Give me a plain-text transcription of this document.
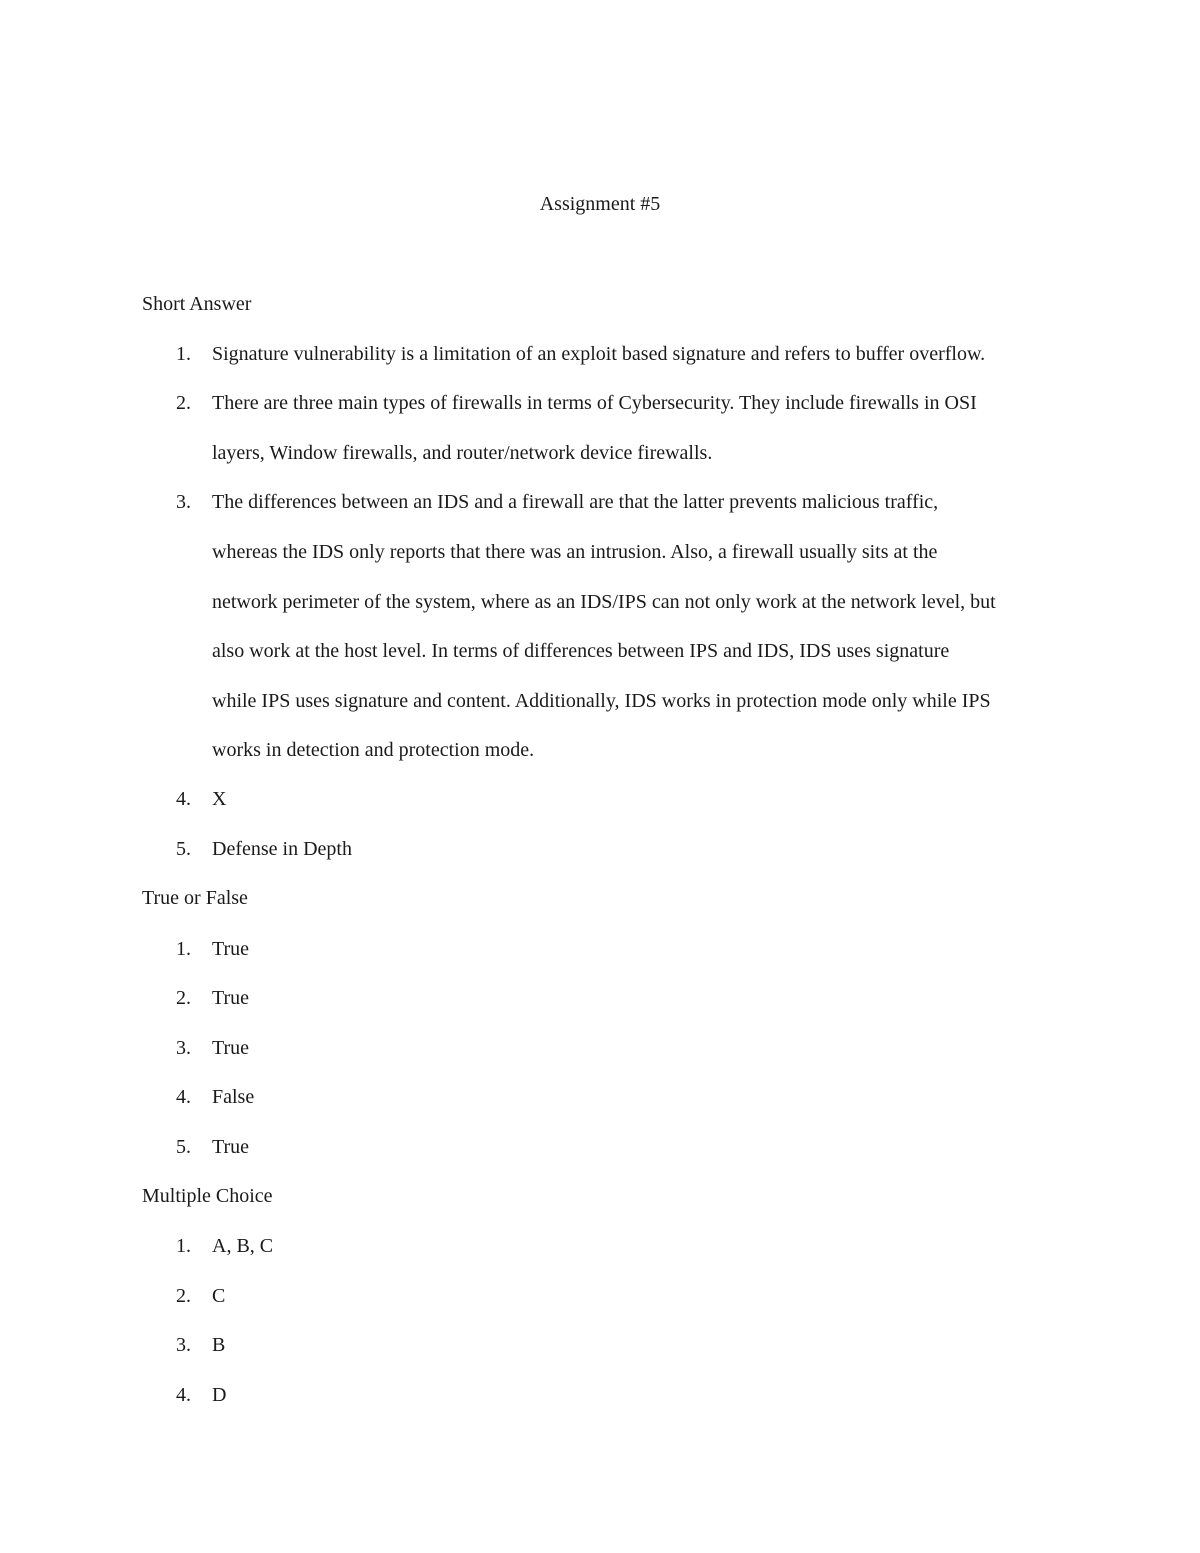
Assignment #5
Short Answer
1. Signature vulnerability is a limitation of an exploit based signature and refers to buffer overflow.
2. There are three main types of firewalls in terms of Cybersecurity. They include firewalls in OSI
layers, Window firewalls, and router/network device firewalls.
3. The differences between an IDS and a firewall are that the latter prevents malicious traffic,
whereas the IDS only reports that there was an intrusion. Also, a firewall usually sits at the
network perimeter of the system, where as an IDS/IPS can not only work at the network level, but
also work at the host level. In terms of differences between IPS and IDS, IDS uses signature
while IPS uses signature and content. Additionally, IDS works in protection mode only while IPS
works in detection and protection mode.
4. X
5. Defense in Depth
True or False
1. True
2. True
3. True
4. False
5. True
Multiple Choice
1. A, B, C
2. C
3. B
4. D
